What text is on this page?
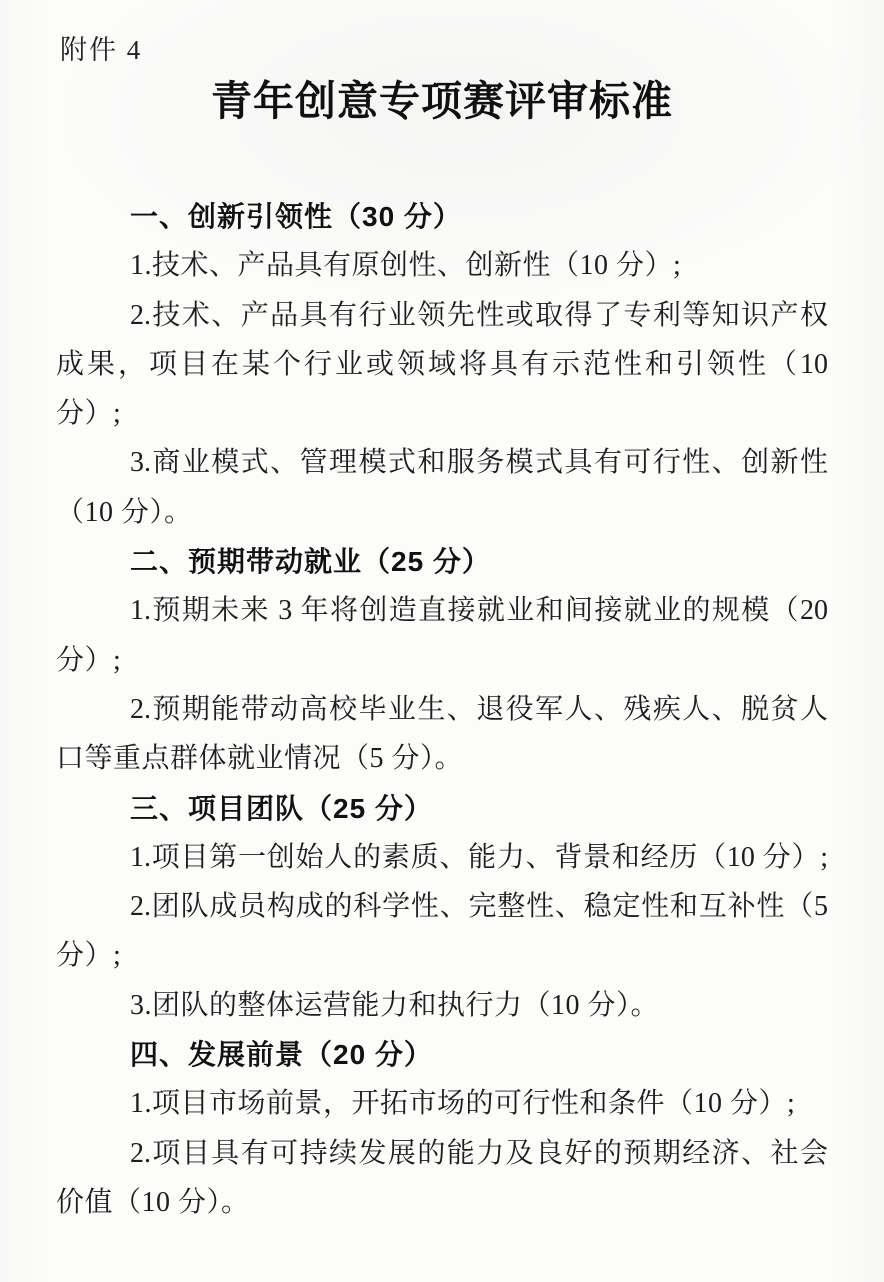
附件 4
青年创意专项赛评审标准
一、创新引领性（30 分）
1.技术、产品具有原创性、创新性（10 分）;
2.技术、产品具有行业领先性或取得了专利等知识产权
成果，项目在某个行业或领域将具有示范性和引领性（10
分）;
3.商业模式、管理模式和服务模式具有可行性、创新性
（10 分）。
二、预期带动就业（25 分）
1.预期未来 3 年将创造直接就业和间接就业的规模（20
分）;
2.预期能带动高校毕业生、退役军人、残疾人、脱贫人
口等重点群体就业情况（5 分）。
三、项目团队（25 分）
1.项目第一创始人的素质、能力、背景和经历（10 分）;
2.团队成员构成的科学性、完整性、稳定性和互补性（5
分）;
3.团队的整体运营能力和执行力（10 分）。
四、发展前景（20 分）
1.项目市场前景，开拓市场的可行性和条件（10 分）;
2.项目具有可持续发展的能力及良好的预期经济、社会
价值（10 分）。
